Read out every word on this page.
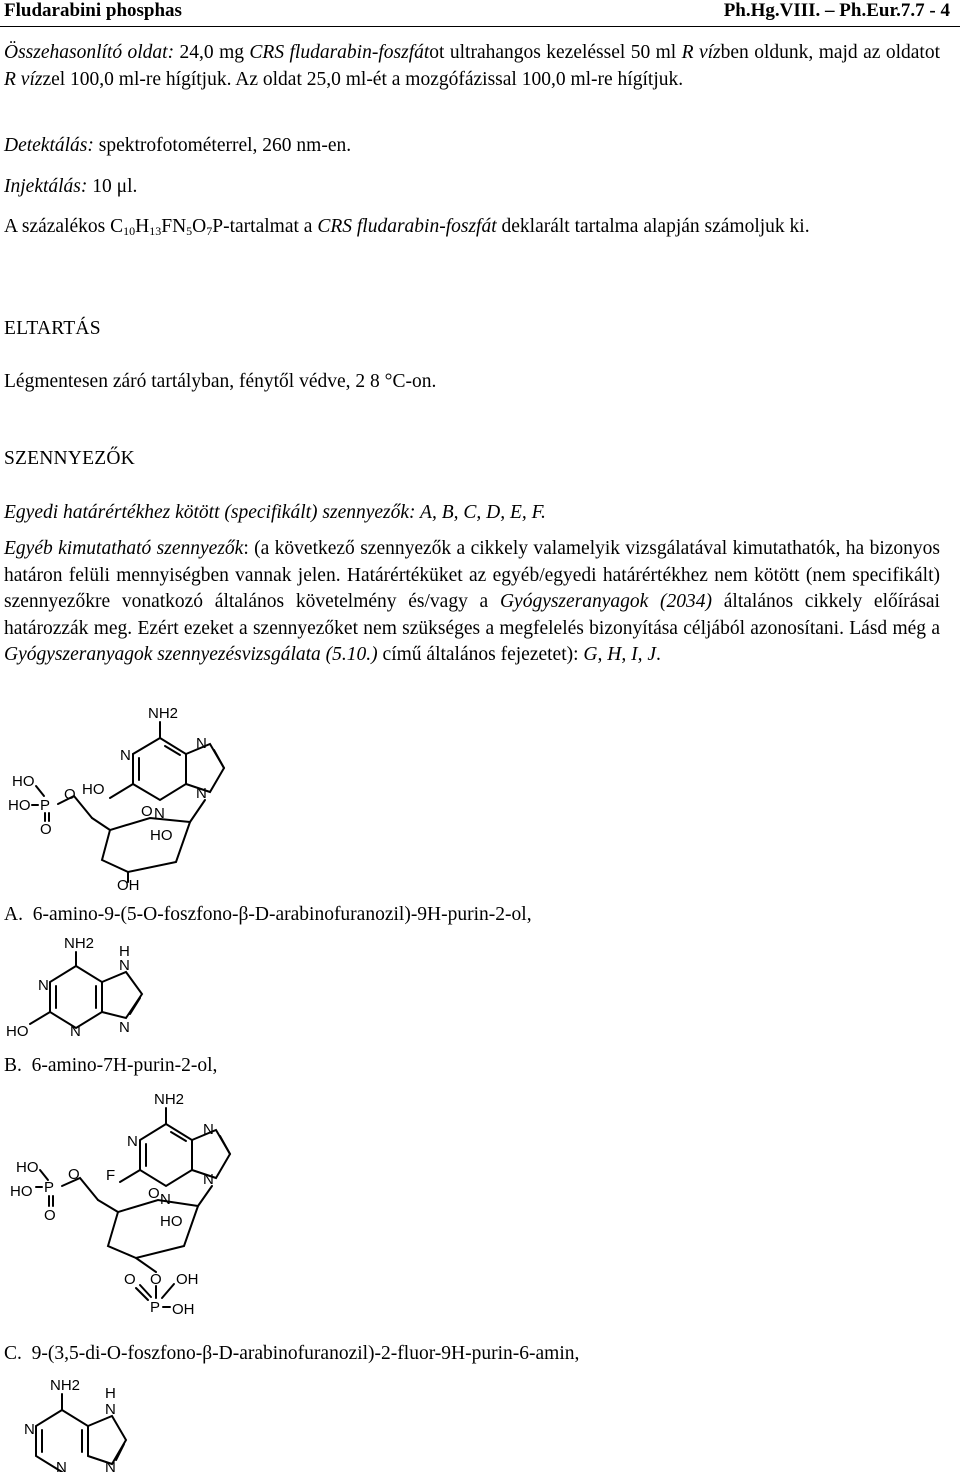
Fludarabini phosphas	Ph.Hg.VIII. – Ph.Eur.7.7 - 4

Összehasonlító oldat: 24,0 mg CRS fludarabin-foszfátot ultrahangos kezeléssel 50 ml R vízben oldunk, majd az oldatot R vízzel 100,0 ml-re hígítjuk. Az oldat 25,0 ml-ét a mozgófázissal 100,0 ml-re hígítjuk.

Detektálás: spektrofotométerrel, 260 nm-en.

Injektálás: 10 μl.

A százalékos $C_{10}H_{13}FN_5O_7P$-tartalmat a CRS fludarabin-foszfát deklarált tartalma alapján számoljuk ki.

ELTARTÁS

Légmentesen záró tartályban, fénytől védve, 2 8 °C-on.

SZENNYEZŐK

Egyedi határértékhez kötött (specifikált) szennyezők: A, B, C, D, E, F.

Egyéb kimutatható szennyezők: (a következő szennyezők a cikkely valamelyik vizsgálatával kimutathatók, ha bizonyos határon felüli mennyiségben vannak jelen. Határértéküket az egyéb/egyedi határértékhez nem kötött (nem specifikált) szennyezőkre vonatkozó általános követelmény és/vagy a Gyógyszeranyagok (2034) általános cikkely előírásai határozzák meg. Ezért ezeket a szennyezőket nem szükséges a megfelelés bizonyítása céljából azonosítani. Lásd még a Gyógyszeranyagok szennyezésvizsgálata (5.10.) című általános fejezetet): G, H, I, J.

NH2
N
N
N
N
HO
O
HO
OH
O
P
HO
HO
O
A. 6-amino-9-(5-O-foszfono-β-D-arabinofuranozil)-9H-purin-2-ol,
NH2
N
N
N
H
N
HO
B. 6-amino-7H-purin-2-ol,
NH2
N
N
N
N
F
O
HO
O
P
HO
HO
O
O
P
O	OH
OH
C. 9-(3,5-di-O-foszfono-β-D-arabinofuranozil)-2-fluor-9H-purin-6-amin,
NH2
N
N
H
N
N
